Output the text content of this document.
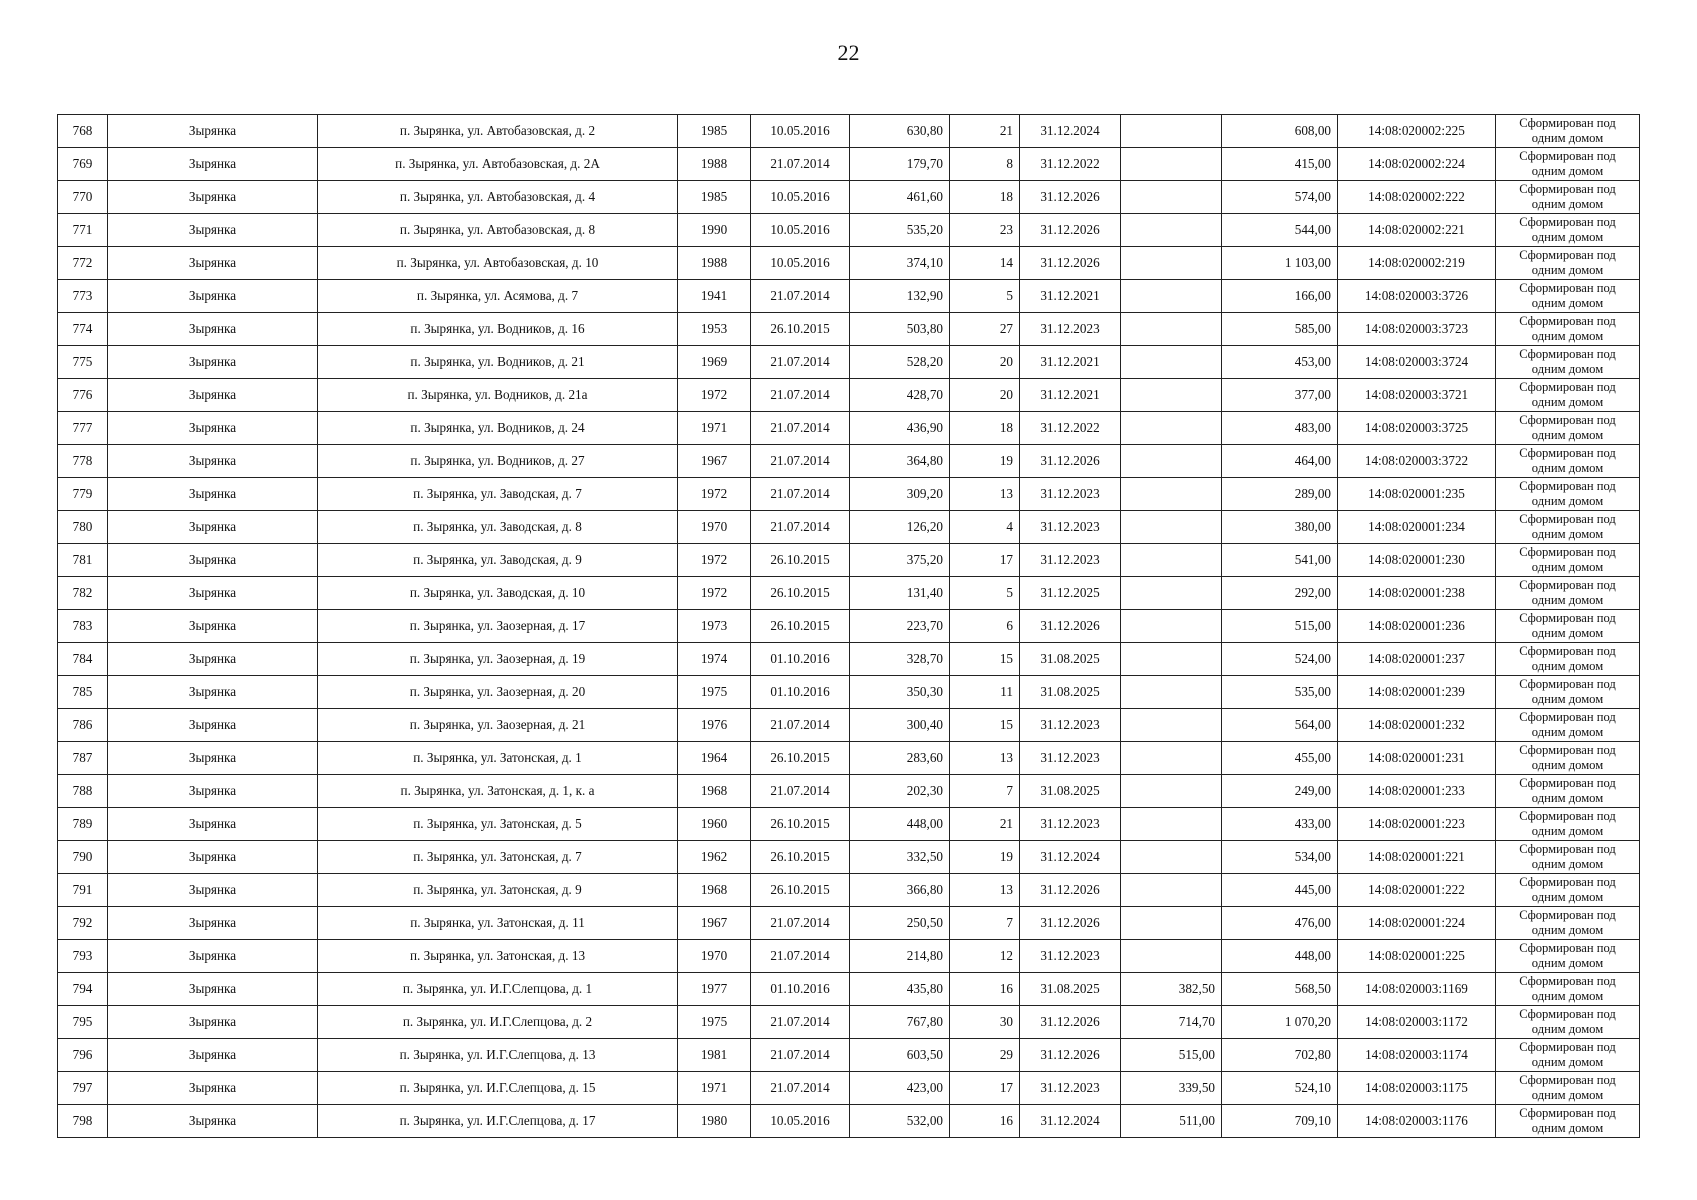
22
768	Зырянка	п. Зырянка, ул. Автобазовская, д. 2	1985	10.05.2016	630,80	21	31.12.2024		608,00	14:08:020002:225	Сформирован под одним домом
769	Зырянка	п. Зырянка, ул. Автобазовская, д. 2А	1988	21.07.2014	179,70	8	31.12.2022		415,00	14:08:020002:224	Сформирован под одним домом
770	Зырянка	п. Зырянка, ул. Автобазовская, д. 4	1985	10.05.2016	461,60	18	31.12.2026		574,00	14:08:020002:222	Сформирован под одним домом
771	Зырянка	п. Зырянка, ул. Автобазовская, д. 8	1990	10.05.2016	535,20	23	31.12.2026		544,00	14:08:020002:221	Сформирован под одним домом
772	Зырянка	п. Зырянка, ул. Автобазовская, д. 10	1988	10.05.2016	374,10	14	31.12.2026		1 103,00	14:08:020002:219	Сформирован под одним домом
773	Зырянка	п. Зырянка, ул. Асямова, д. 7	1941	21.07.2014	132,90	5	31.12.2021		166,00	14:08:020003:3726	Сформирован под одним домом
774	Зырянка	п. Зырянка, ул. Водников, д. 16	1953	26.10.2015	503,80	27	31.12.2023		585,00	14:08:020003:3723	Сформирован под одним домом
775	Зырянка	п. Зырянка, ул. Водников, д. 21	1969	21.07.2014	528,20	20	31.12.2021		453,00	14:08:020003:3724	Сформирован под одним домом
776	Зырянка	п. Зырянка, ул. Водников, д. 21а	1972	21.07.2014	428,70	20	31.12.2021		377,00	14:08:020003:3721	Сформирован под одним домом
777	Зырянка	п. Зырянка, ул. Водников, д. 24	1971	21.07.2014	436,90	18	31.12.2022		483,00	14:08:020003:3725	Сформирован под одним домом
778	Зырянка	п. Зырянка, ул. Водников, д. 27	1967	21.07.2014	364,80	19	31.12.2026		464,00	14:08:020003:3722	Сформирован под одним домом
779	Зырянка	п. Зырянка, ул. Заводская, д. 7	1972	21.07.2014	309,20	13	31.12.2023		289,00	14:08:020001:235	Сформирован под одним домом
780	Зырянка	п. Зырянка, ул. Заводская, д. 8	1970	21.07.2014	126,20	4	31.12.2023		380,00	14:08:020001:234	Сформирован под одним домом
781	Зырянка	п. Зырянка, ул. Заводская, д. 9	1972	26.10.2015	375,20	17	31.12.2023		541,00	14:08:020001:230	Сформирован под одним домом
782	Зырянка	п. Зырянка, ул. Заводская, д. 10	1972	26.10.2015	131,40	5	31.12.2025		292,00	14:08:020001:238	Сформирован под одним домом
783	Зырянка	п. Зырянка, ул. Заозерная, д. 17	1973	26.10.2015	223,70	6	31.12.2026		515,00	14:08:020001:236	Сформирован под одним домом
784	Зырянка	п. Зырянка, ул. Заозерная, д. 19	1974	01.10.2016	328,70	15	31.08.2025		524,00	14:08:020001:237	Сформирован под одним домом
785	Зырянка	п. Зырянка, ул. Заозерная, д. 20	1975	01.10.2016	350,30	11	31.08.2025		535,00	14:08:020001:239	Сформирован под одним домом
786	Зырянка	п. Зырянка, ул. Заозерная, д. 21	1976	21.07.2014	300,40	15	31.12.2023		564,00	14:08:020001:232	Сформирован под одним домом
787	Зырянка	п. Зырянка, ул. Затонская, д. 1	1964	26.10.2015	283,60	13	31.12.2023		455,00	14:08:020001:231	Сформирован под одним домом
788	Зырянка	п. Зырянка, ул. Затонская, д. 1, к. а	1968	21.07.2014	202,30	7	31.08.2025		249,00	14:08:020001:233	Сформирован под одним домом
789	Зырянка	п. Зырянка, ул. Затонская, д. 5	1960	26.10.2015	448,00	21	31.12.2023		433,00	14:08:020001:223	Сформирован под одним домом
790	Зырянка	п. Зырянка, ул. Затонская, д. 7	1962	26.10.2015	332,50	19	31.12.2024		534,00	14:08:020001:221	Сформирован под одним домом
791	Зырянка	п. Зырянка, ул. Затонская, д. 9	1968	26.10.2015	366,80	13	31.12.2026		445,00	14:08:020001:222	Сформирован под одним домом
792	Зырянка	п. Зырянка, ул. Затонская, д. 11	1967	21.07.2014	250,50	7	31.12.2026		476,00	14:08:020001:224	Сформирован под одним домом
793	Зырянка	п. Зырянка, ул. Затонская, д. 13	1970	21.07.2014	214,80	12	31.12.2023		448,00	14:08:020001:225	Сформирован под одним домом
794	Зырянка	п. Зырянка, ул. И.Г.Слепцова, д. 1	1977	01.10.2016	435,80	16	31.08.2025	382,50	568,50	14:08:020003:1169	Сформирован под одним домом
795	Зырянка	п. Зырянка, ул. И.Г.Слепцова, д. 2	1975	21.07.2014	767,80	30	31.12.2026	714,70	1 070,20	14:08:020003:1172	Сформирован под одним домом
796	Зырянка	п. Зырянка, ул. И.Г.Слепцова, д. 13	1981	21.07.2014	603,50	29	31.12.2026	515,00	702,80	14:08:020003:1174	Сформирован под одним домом
797	Зырянка	п. Зырянка, ул. И.Г.Слепцова, д. 15	1971	21.07.2014	423,00	17	31.12.2023	339,50	524,10	14:08:020003:1175	Сформирован под одним домом
798	Зырянка	п. Зырянка, ул. И.Г.Слепцова, д. 17	1980	10.05.2016	532,00	16	31.12.2024	511,00	709,10	14:08:020003:1176	Сформирован под одним домом
